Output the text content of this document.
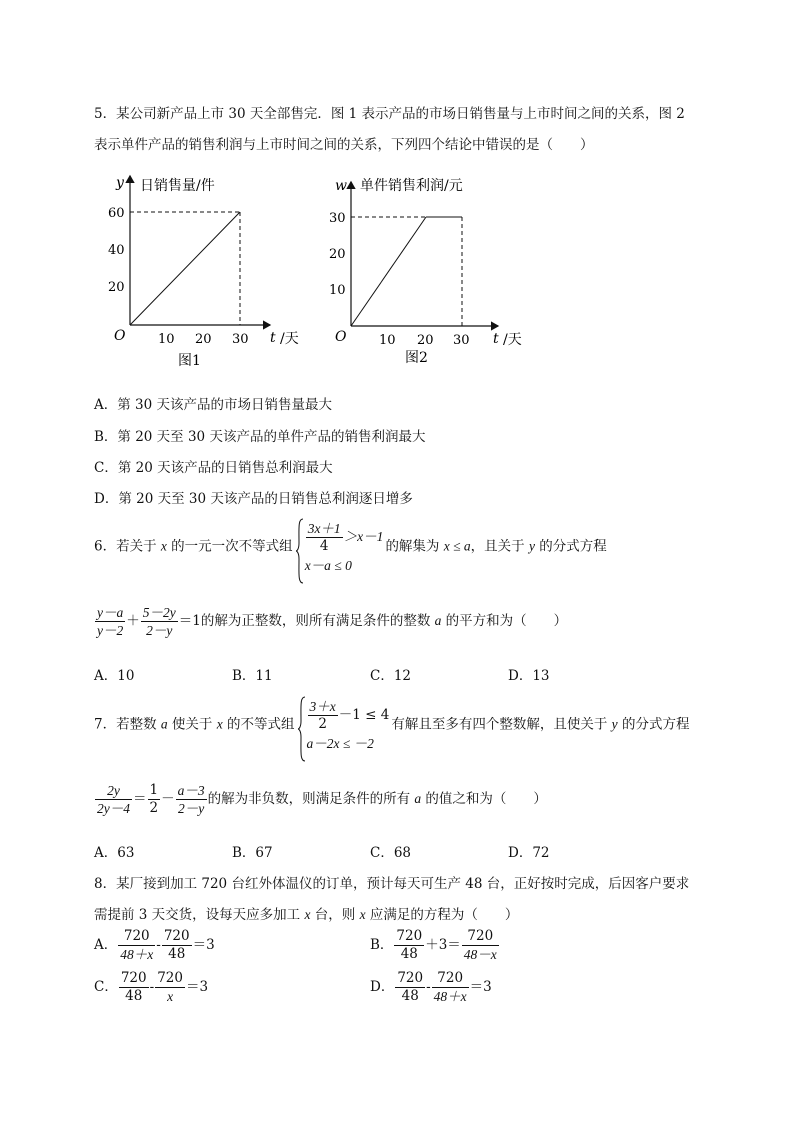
5．某公司新产品上市 30 天全部售完．图 1 表示产品的市场日销售量与上市时间之间的关系，图 2
表示单件产品的销售利润与上市时间之间的关系，下列四个结论中错误的是（　　）
y 日销售量/件
60
40
20
O	10 20 30 t /天
图1
w 单件销售利润/元
30
20
10
O	10 20 30 t /天
图2
A．第 30 天该产品的市场日销售量最大
B．第 20 天至 30 天该产品的单件产品的销售利润最大
C．第 20 天该产品的日销售总利润最大
D．第 20 天至 30 天该产品的日销售总利润逐日增多
6．若关于 x 的一元一次不等式组 $\frac{3x+1}{4} >x-1$
x－a ≤ 0
的解集为 x ≤ a，且关于 y 的分式方程
$\frac{y-a}{y-2} + \frac{5-2y}{2-y} =1$的解为正整数，则所有满足条件的整数 a 的平方和为（　　）
A．10	B．11	C．12	D．13
7．若整数 a 使关于 x 的不等式组 $\frac{3+x}{2} -1 \le 4$
a－2x ≤ －2
有解且至多有四个整数解，且使关于 y 的分式方程
$\frac{2y}{2y-4} = \frac{1}{2} - \frac{a-3}{2-y}$ 的解为非负数，则满足条件的所有 a 的值之和为（　　）
A．63	B．67	C．68	D．72
8．某厂接到加工 720 台红外体温仪的订单，预计每天可生产 48 台，正好按时完成，后因客户要求
需提前 3 天交货，设每天应多加工 x 台，则 x 应满足的方程为（　　）
A． $\frac{720}{48+x} - \frac{720}{48} =3$	B． $\frac{720}{48} +3= \frac{720}{48-x}$
C． $\frac{720}{48} - \frac{720}{x} =3$	D． $\frac{720}{48} - \frac{720}{48+x} =3$
